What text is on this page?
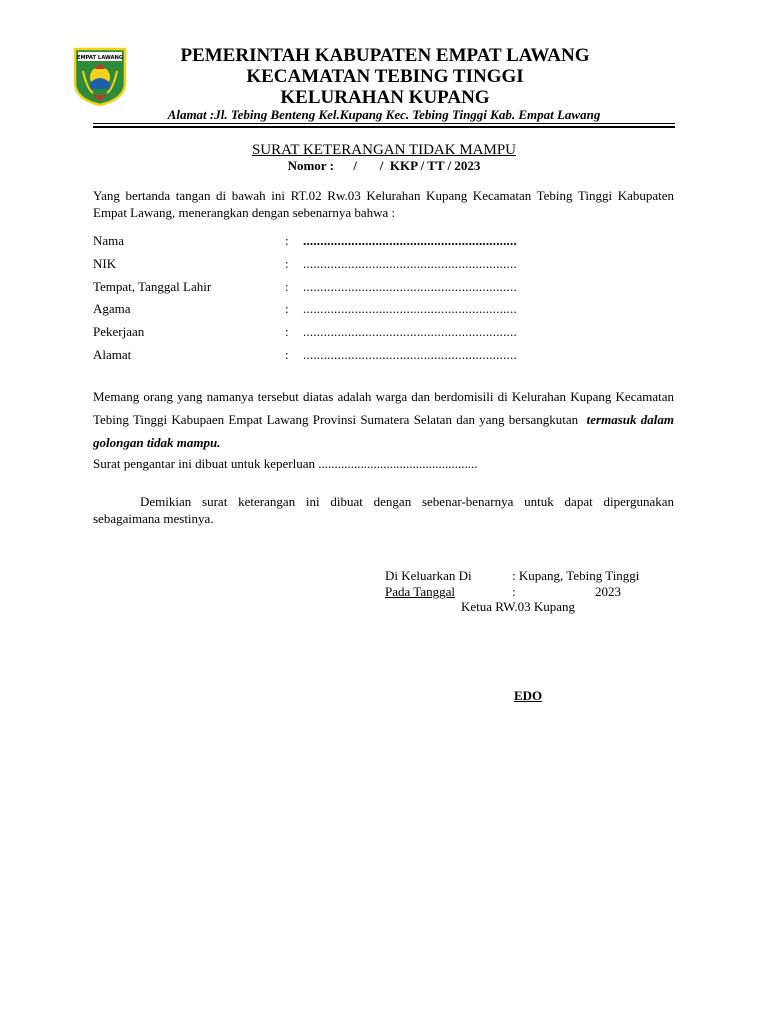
EMPAT LAWANG	PEMERINTAH KABUPATEN EMPAT LAWANG
KECAMATAN TEBING TINGGI
KELURAHAN KUPANG
Alamat :Jl. Tebing Benteng Kel.Kupang Kec. Tebing Tinggi Kab. Empat Lawang
SURAT KETERANGAN TIDAK MAMPU
Nomor :      /       /  KKP / TT / 2023
Yang bertanda tangan di bawah ini RT.02 Rw.03 Kelurahan Kupang Kecamatan Tebing Tinggi Kabupaten Empat Lawang, menerangkan dengan sebenarnya bahwa :
Nama	: ..............................................................
NIK	: ..............................................................
Tempat, Tanggal Lahir	: ..............................................................
Agama	: ..............................................................
Pekerjaan	: ..............................................................
Alamat	: ..............................................................
Memang orang yang namanya tersebut diatas adalah warga dan berdomisili di Kelurahan Kupang Kecamatan Tebing Tinggi Kabupaen Empat Lawang Provinsi Sumatera Selatan dan yang bersangkutan termasuk dalam golongan tidak mampu.
Surat pengantar ini dibuat untuk keperluan .................................................
Demikian surat keterangan ini dibuat dengan sebenar-benarnya untuk dapat dipergunakan sebagaimana mestinya.
Di Keluarkan Di	: Kupang, Tebing Tinggi
Pada Tanggal	:	2023
Ketua RW.03 Kupang
EDO
